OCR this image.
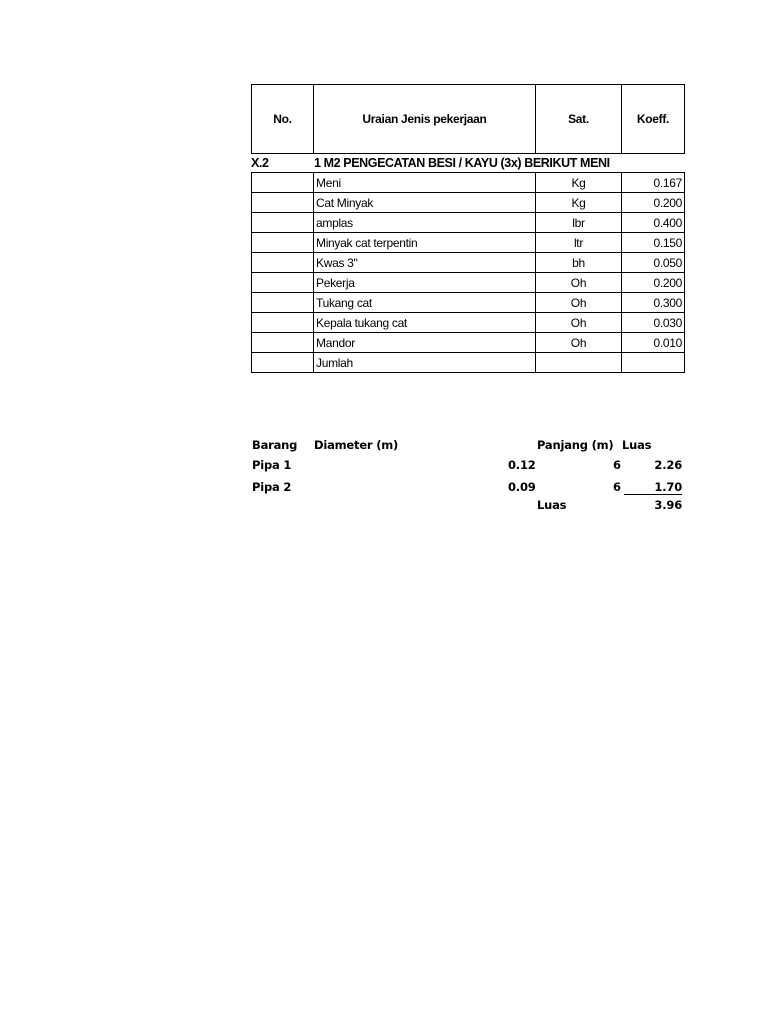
No.	Uraian Jenis pekerjaan	Sat.	Koeff.
X.2	1 M2 PENGECATAN BESI / KAYU (3x) BERIKUT MENI
Meni	Kg	0.167
Cat Minyak	Kg	0.200
amplas	lbr	0.400
Minyak cat terpentin	ltr	0.150
Kwas 3"	bh	0.050
Pekerja	Oh	0.200
Tukang cat	Oh	0.300
Kepala tukang cat	Oh	0.030
Mandor	Oh	0.010
Jumlah
Barang Diameter (m)	Panjang (m) Luas
Pipa 1	0.12	6	2.26
Pipa 2	0.09	6	1.70
Luas	3.96
